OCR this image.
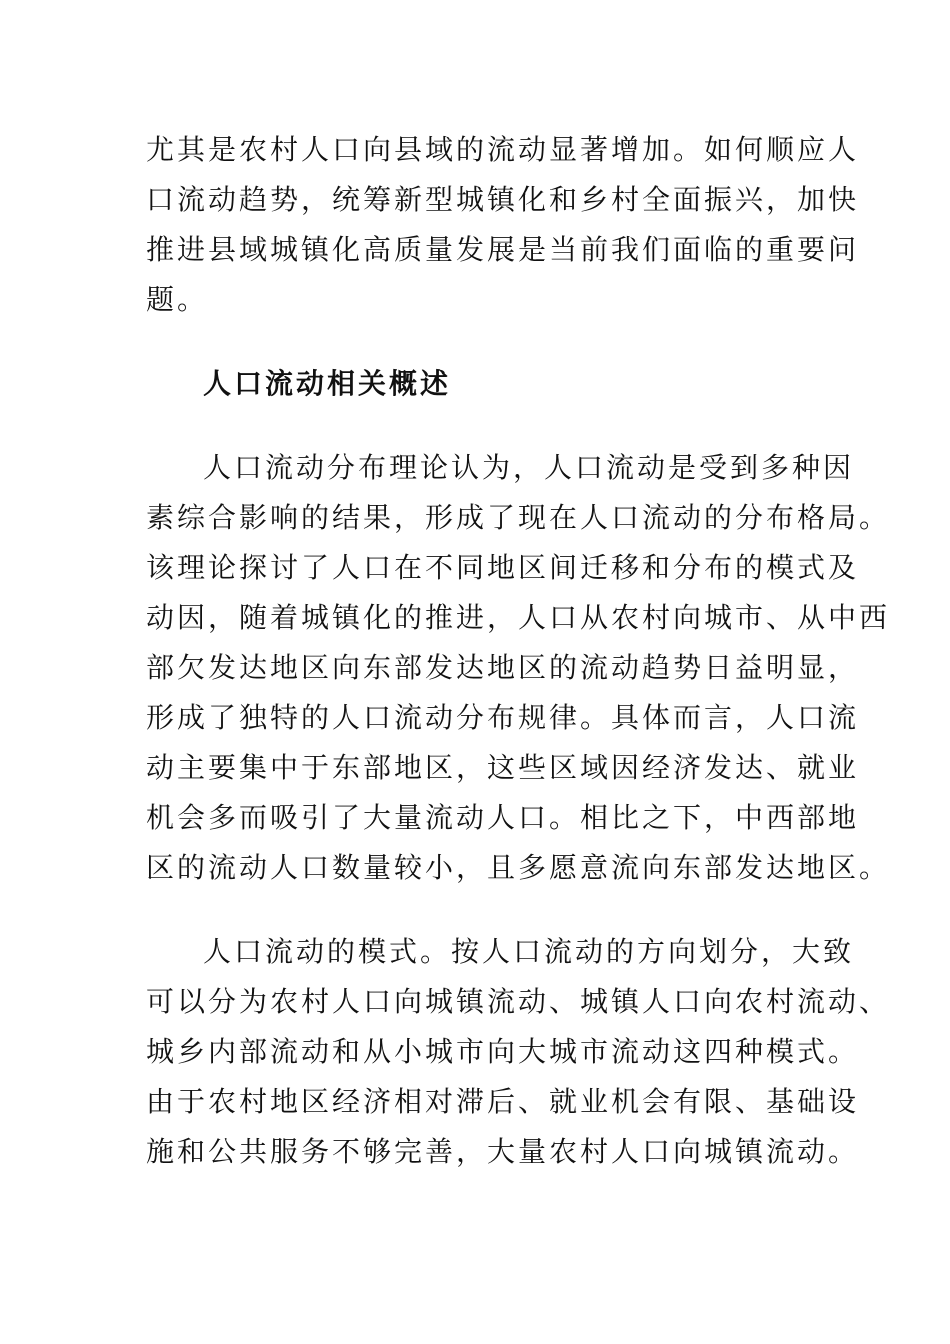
尤其是农村人口向县域的流动显著增加。如何顺应人
口流动趋势，统筹新型城镇化和乡村全面振兴，加快
推进县域城镇化高质量发展是当前我们面临的重要问
题。
人口流动相关概述
人口流动分布理论认为，人口流动是受到多种因
素综合影响的结果，形成了现在人口流动的分布格局。
该理论探讨了人口在不同地区间迁移和分布的模式及
动因，随着城镇化的推进，人口从农村向城市、从中西
部欠发达地区向东部发达地区的流动趋势日益明显，
形成了独特的人口流动分布规律。具体而言，人口流
动主要集中于东部地区，这些区域因经济发达、就业
机会多而吸引了大量流动人口。相比之下，中西部地
区的流动人口数量较小，且多愿意流向东部发达地区。
人口流动的模式。按人口流动的方向划分，大致
可以分为农村人口向城镇流动、城镇人口向农村流动、
城乡内部流动和从小城市向大城市流动这四种模式。
由于农村地区经济相对滞后、就业机会有限、基础设
施和公共服务不够完善，大量农村人口向城镇流动。
